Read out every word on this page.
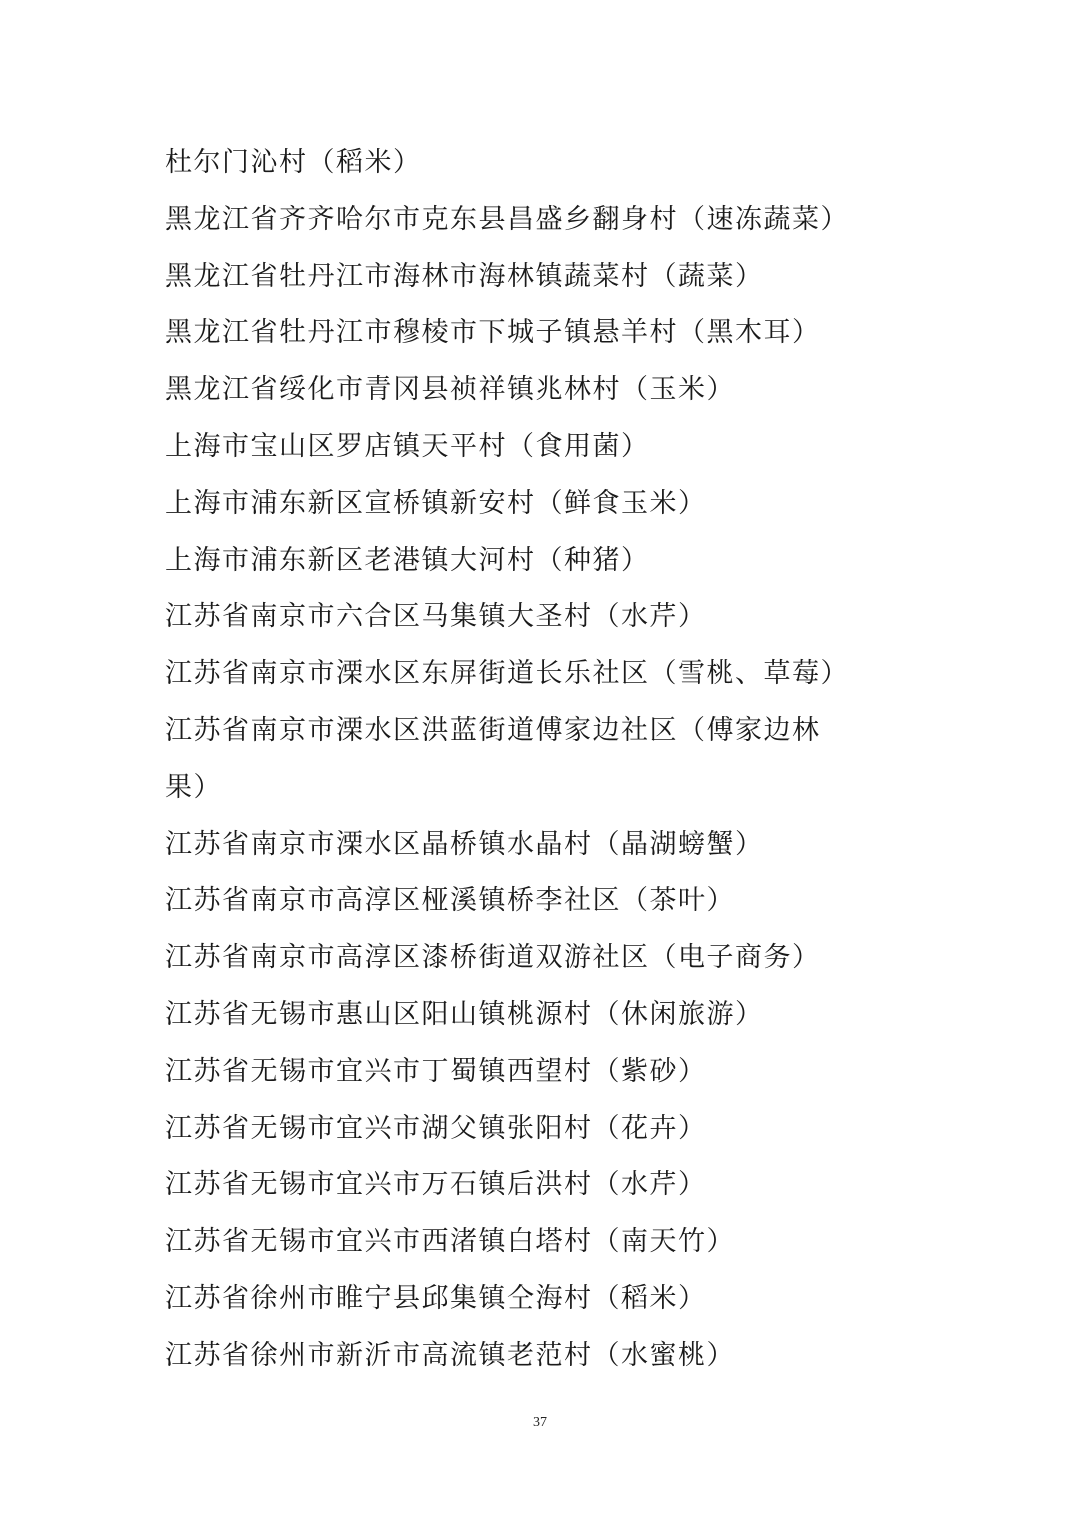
杜尔门沁村（稻米）
黑龙江省齐齐哈尔市克东县昌盛乡翻身村（速冻蔬菜）
黑龙江省牡丹江市海林市海林镇蔬菜村（蔬菜）
黑龙江省牡丹江市穆棱市下城子镇悬羊村（黑木耳）
黑龙江省绥化市青冈县祯祥镇兆林村（玉米）
上海市宝山区罗店镇天平村（食用菌）
上海市浦东新区宣桥镇新安村（鲜食玉米）
上海市浦东新区老港镇大河村（种猪）
江苏省南京市六合区马集镇大圣村（水芹）
江苏省南京市溧水区东屏街道长乐社区（雪桃、草莓）
江苏省南京市溧水区洪蓝街道傅家边社区（傅家边林
果）
江苏省南京市溧水区晶桥镇水晶村（晶湖螃蟹）
江苏省南京市高淳区桠溪镇桥李社区（茶叶）
江苏省南京市高淳区漆桥街道双游社区（电子商务）
江苏省无锡市惠山区阳山镇桃源村（休闲旅游）
江苏省无锡市宜兴市丁蜀镇西望村（紫砂）
江苏省无锡市宜兴市湖父镇张阳村（花卉）
江苏省无锡市宜兴市万石镇后洪村（水芹）
江苏省无锡市宜兴市西渚镇白塔村（南天竹）
江苏省徐州市睢宁县邱集镇仝海村（稻米）
江苏省徐州市新沂市高流镇老范村（水蜜桃）
37
